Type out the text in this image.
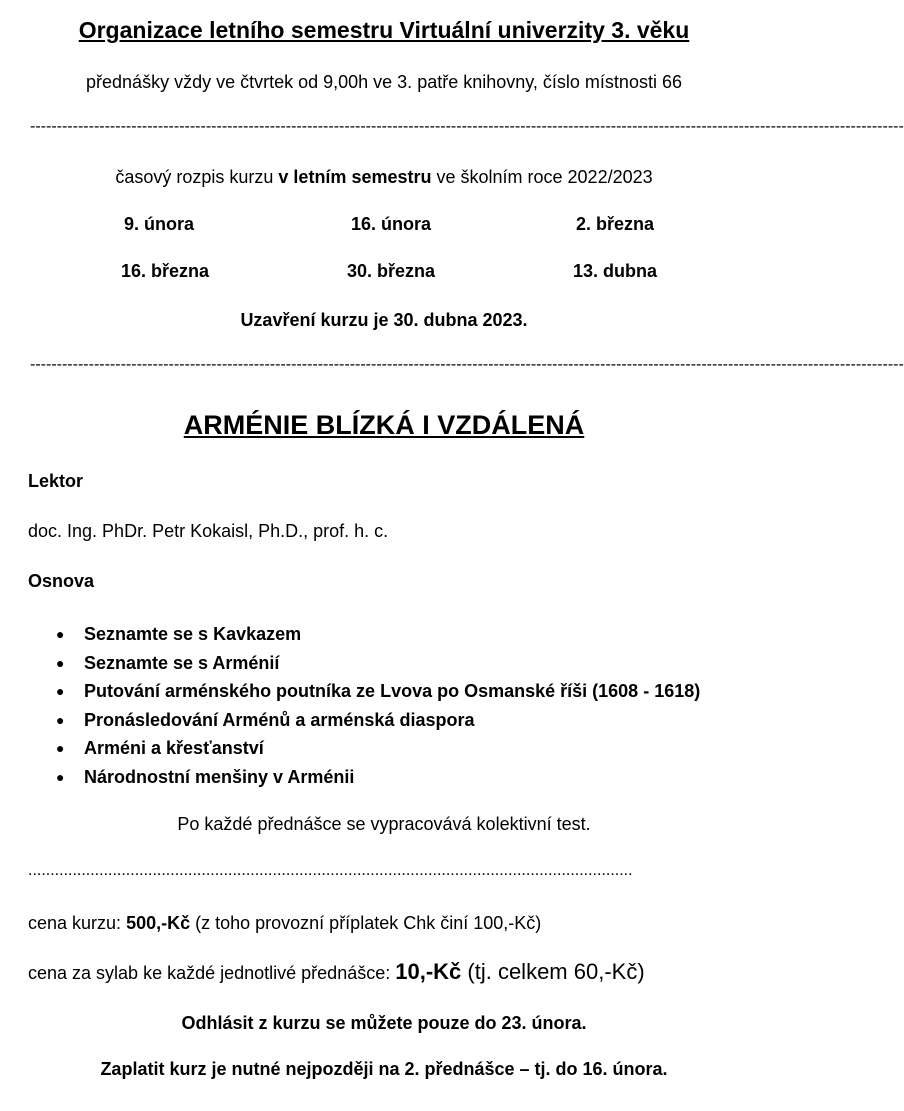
Organizace letního semestru Virtuální univerzity 3. věku
přednášky vždy ve čtvrtek od 9,00h ve 3. patře knihovny, číslo místnosti 66
--------------------------------------------------------------------------------------------------------------------------------------------------------------------
časový rozpis kurzu v letním semestru ve školním roce 2022/2023
9. února	16. února	2. března
16. března	30. března	13. dubna
Uzavření kurzu je 30. dubna 2023.
--------------------------------------------------------------------------------------------------------------------------------------------------------------------
ARMÉNIE BLÍZKÁ I VZDÁLENÁ
Lektor
doc. Ing. PhDr. Petr Kokaisl, Ph.D., prof. h. c.
Osnova
● Seznamte se s Kavkazem
● Seznamte se s Arménií
● Putování arménského poutníka ze Lvova po Osmanské říši (1608 - 1618)
● Pronásledování Arménů a arménská diaspora
● Arméni a křesťanství
● Národnostní menšiny v Arménii
Po každé přednášce se vypracovává kolektivní test.
........................................................................................................................................
cena kurzu: 500,-Kč (z toho provozní příplatek Chk činí 100,-Kč)
cena za sylab ke každé jednotlivé přednášce: 10,-Kč (tj. celkem 60,-Kč)
Odhlásit z kurzu se můžete pouze do 23. února.
Zaplatit kurz je nutné nejpozději na 2. přednášce – tj. do 16. února.
